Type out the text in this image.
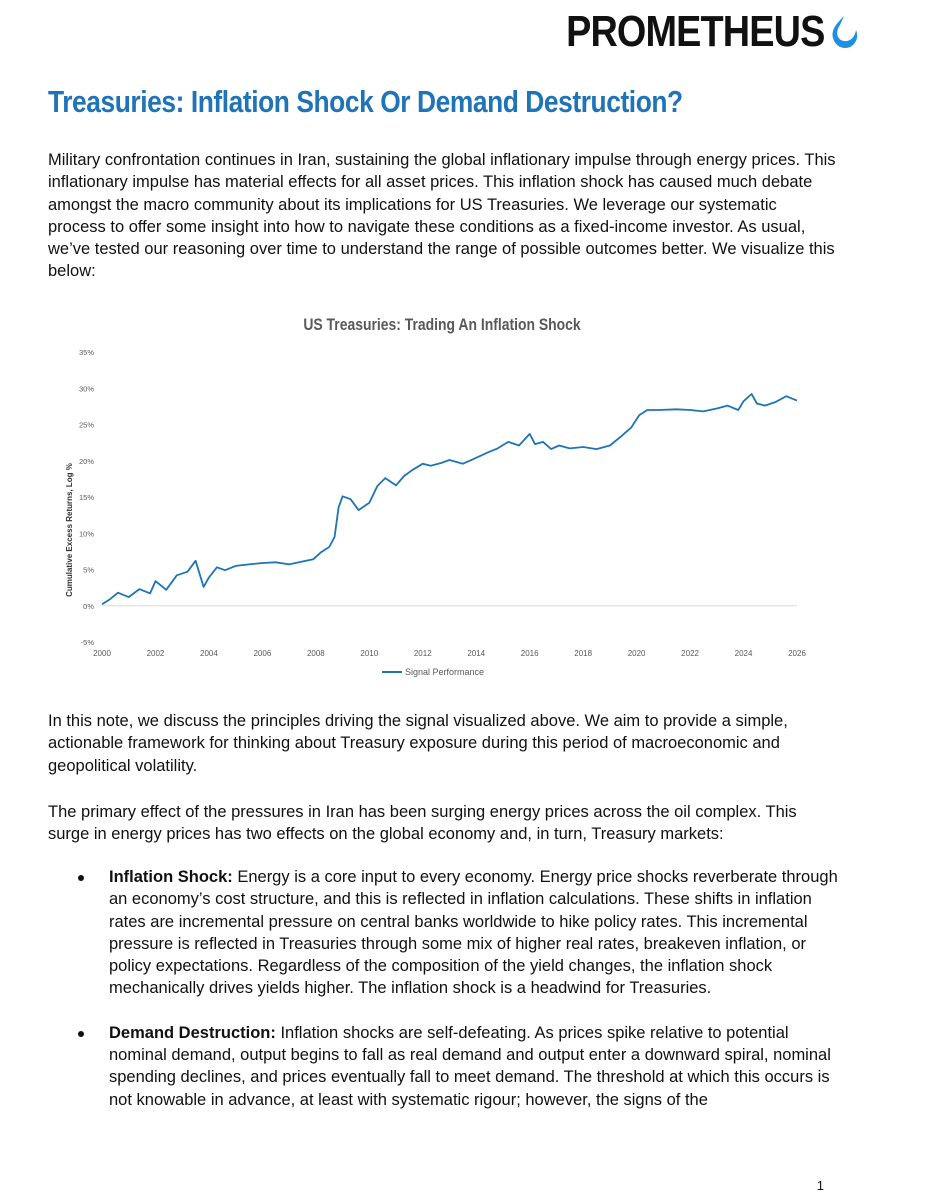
PROMETHEUS
Treasuries: Inflation Shock Or Demand Destruction?

Military confrontation continues in Iran, sustaining the global inflationary impulse through energy prices. This inflationary impulse has material effects for all asset prices. This inflation shock has caused much debate amongst the macro community about its implications for US Treasuries. We leverage our systematic process to offer some insight into how to navigate these conditions as a fixed-income investor. As usual, we’ve tested our reasoning over time to understand the range of possible outcomes better. We visualize this below:

US Treasuries: Trading An Inflation Shock
Cumulative Excess Returns, Log %
35%
30%
25%
20%
15%
10%
5%
0%
-5%
2000	2002	2004	2006	2008	2010	2012	2014	2016	2018	2020	2022	2024	2026
Signal Performance

In this note, we discuss the principles driving the signal visualized above. We aim to provide a simple, actionable framework for thinking about Treasury exposure during this period of macroeconomic and geopolitical volatility.

The primary effect of the pressures in Iran has been surging energy prices across the oil complex. This surge in energy prices has two effects on the global economy and, in turn, Treasury markets:

Inflation Shock: Energy is a core input to every economy. Energy price shocks reverberate through an economy’s cost structure, and this is reflected in inflation calculations. These shifts in inflation rates are incremental pressure on central banks worldwide to hike policy rates. This incremental pressure is reflected in Treasuries through some mix of higher real rates, breakeven inflation, or policy expectations. Regardless of the composition of the yield changes, the inflation shock mechanically drives yields higher. The inflation shock is a headwind for Treasuries.
Demand Destruction: Inflation shocks are self-defeating. As prices spike relative to potential nominal demand, output begins to fall as real demand and output enter a downward spiral, nominal spending declines, and prices eventually fall to meet demand. The threshold at which this occurs is not knowable in advance, at least with systematic rigour; however, the signs of the
1
